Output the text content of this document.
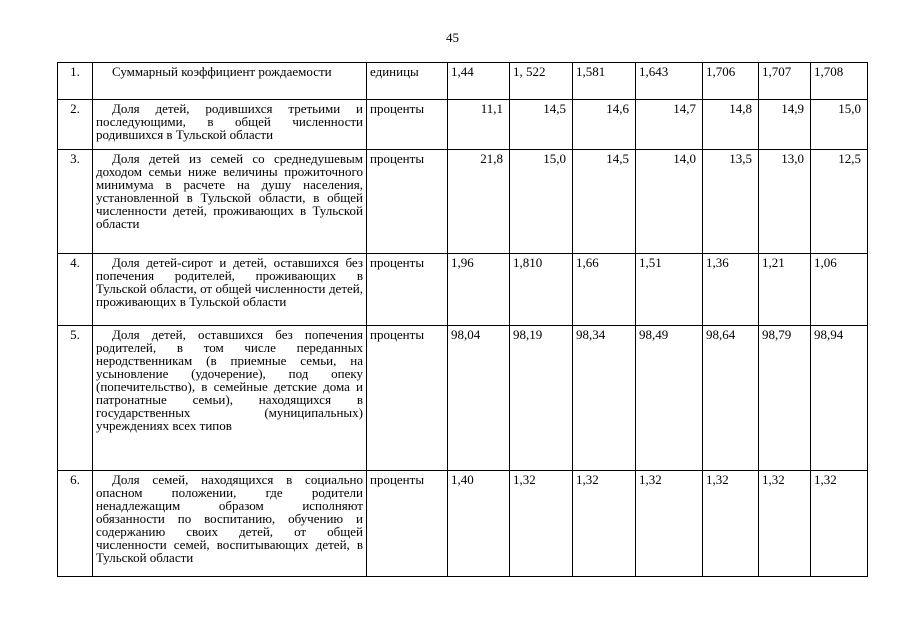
45
1.	Суммарный коэффициент рождаемости	единицы	1,44	1, 522	1,581	1,643	1,706	1,707	1,708
2.	Доля детей, родившихся третьими и последующими, в общей численности родившихся в Тульской области	проценты	11,1	14,5	14,6	14,7	14,8	14,9	15,0
3.	Доля детей из семей со среднедушевым доходом семьи ниже величины прожиточного минимума в расчете на душу населения, установленной в Тульской области, в общей численности детей, проживающих в Тульской области	проценты	21,8	15,0	14,5	14,0	13,5	13,0	12,5
4.	Доля детей-сирот и детей, оставшихся без попечения родителей, проживающих в Тульской области, от общей численности детей, проживающих в Тульской области	проценты	1,96	1,810	1,66	1,51	1,36	1,21	1,06
5.	Доля детей, оставшихся без попечения родителей, в том числе переданных неродственникам (в приемные семьи, на усыновление (удочерение), под опеку (попечительство), в семейные детские дома и патронатные семьи), находящихся в государственных (муниципальных) учреждениях всех типов	проценты	98,04	98,19	98,34	98,49	98,64	98,79	98,94
6.	Доля семей, находящихся в социально опасном положении, где родители ненадлежащим образом исполняют обязанности по воспитанию, обучению и содержанию своих детей, от общей численности семей, воспитывающих детей, в Тульской области	проценты	1,40	1,32	1,32	1,32	1,32	1,32	1,32
